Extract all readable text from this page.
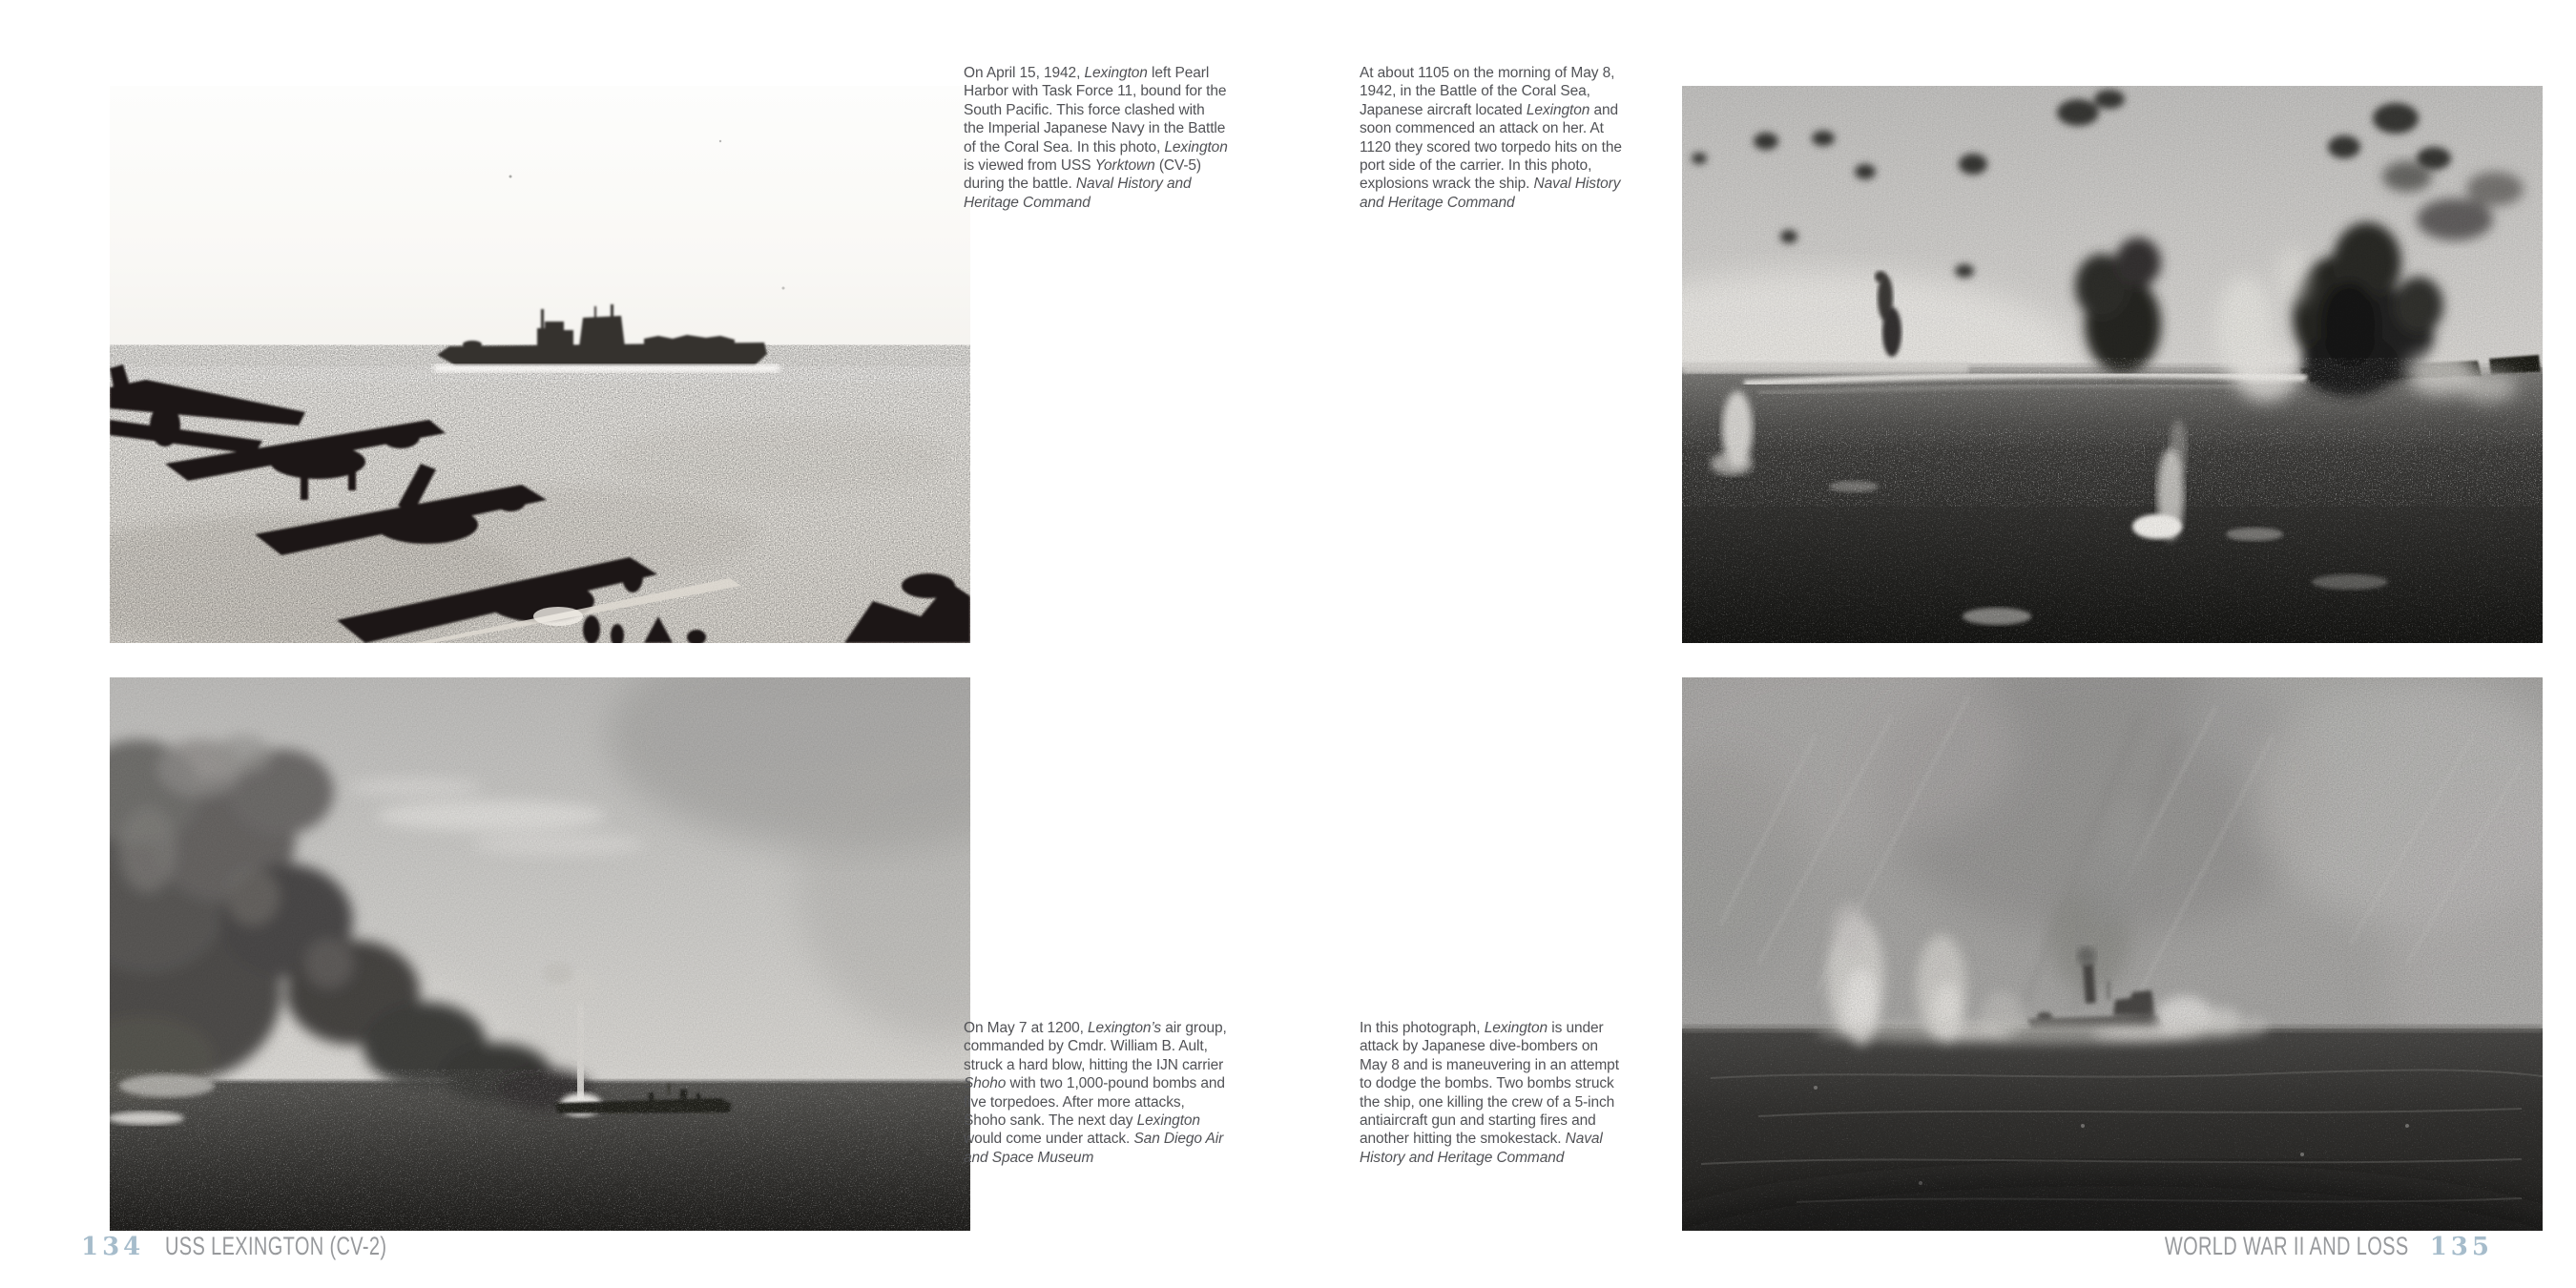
On April 15, 1942, Lexington left Pearl Harbor with Task Force 11, bound for the South Pacific. This force clashed with the Imperial Japanese Navy in the Battle of the Coral Sea. In this photo, Lexington is viewed from USS Yorktown (CV-5) during the battle. Naval History and Heritage Command
At about 1105 on the morning of May 8, 1942, in the Battle of the Coral Sea, Japanese aircraft located Lexington and soon commenced an attack on her. At 1120 they scored two torpedo hits on the port side of the carrier. In this photo, explosions wrack the ship. Naval History and Heritage Command
On May 7 at 1200, Lexington’s air group, commanded by Cmdr. William B. Ault, struck a hard blow, hitting the IJN carrier Shoho with two 1,000-pound bombs and five torpedoes. After more attacks, Shoho sank. The next day Lexington would come under attack. San Diego Air and Space Museum
In this photograph, Lexington is under attack by Japanese dive-bombers on May 8 and is maneuvering in an attempt to dodge the bombs. Two bombs struck the ship, one killing the crew of a 5-inch antiaircraft gun and starting fires and another hitting the smokestack. Naval History and Heritage Command
134 USS LEXINGTON (CV-2)	WORLD WAR II AND LOSS 135
